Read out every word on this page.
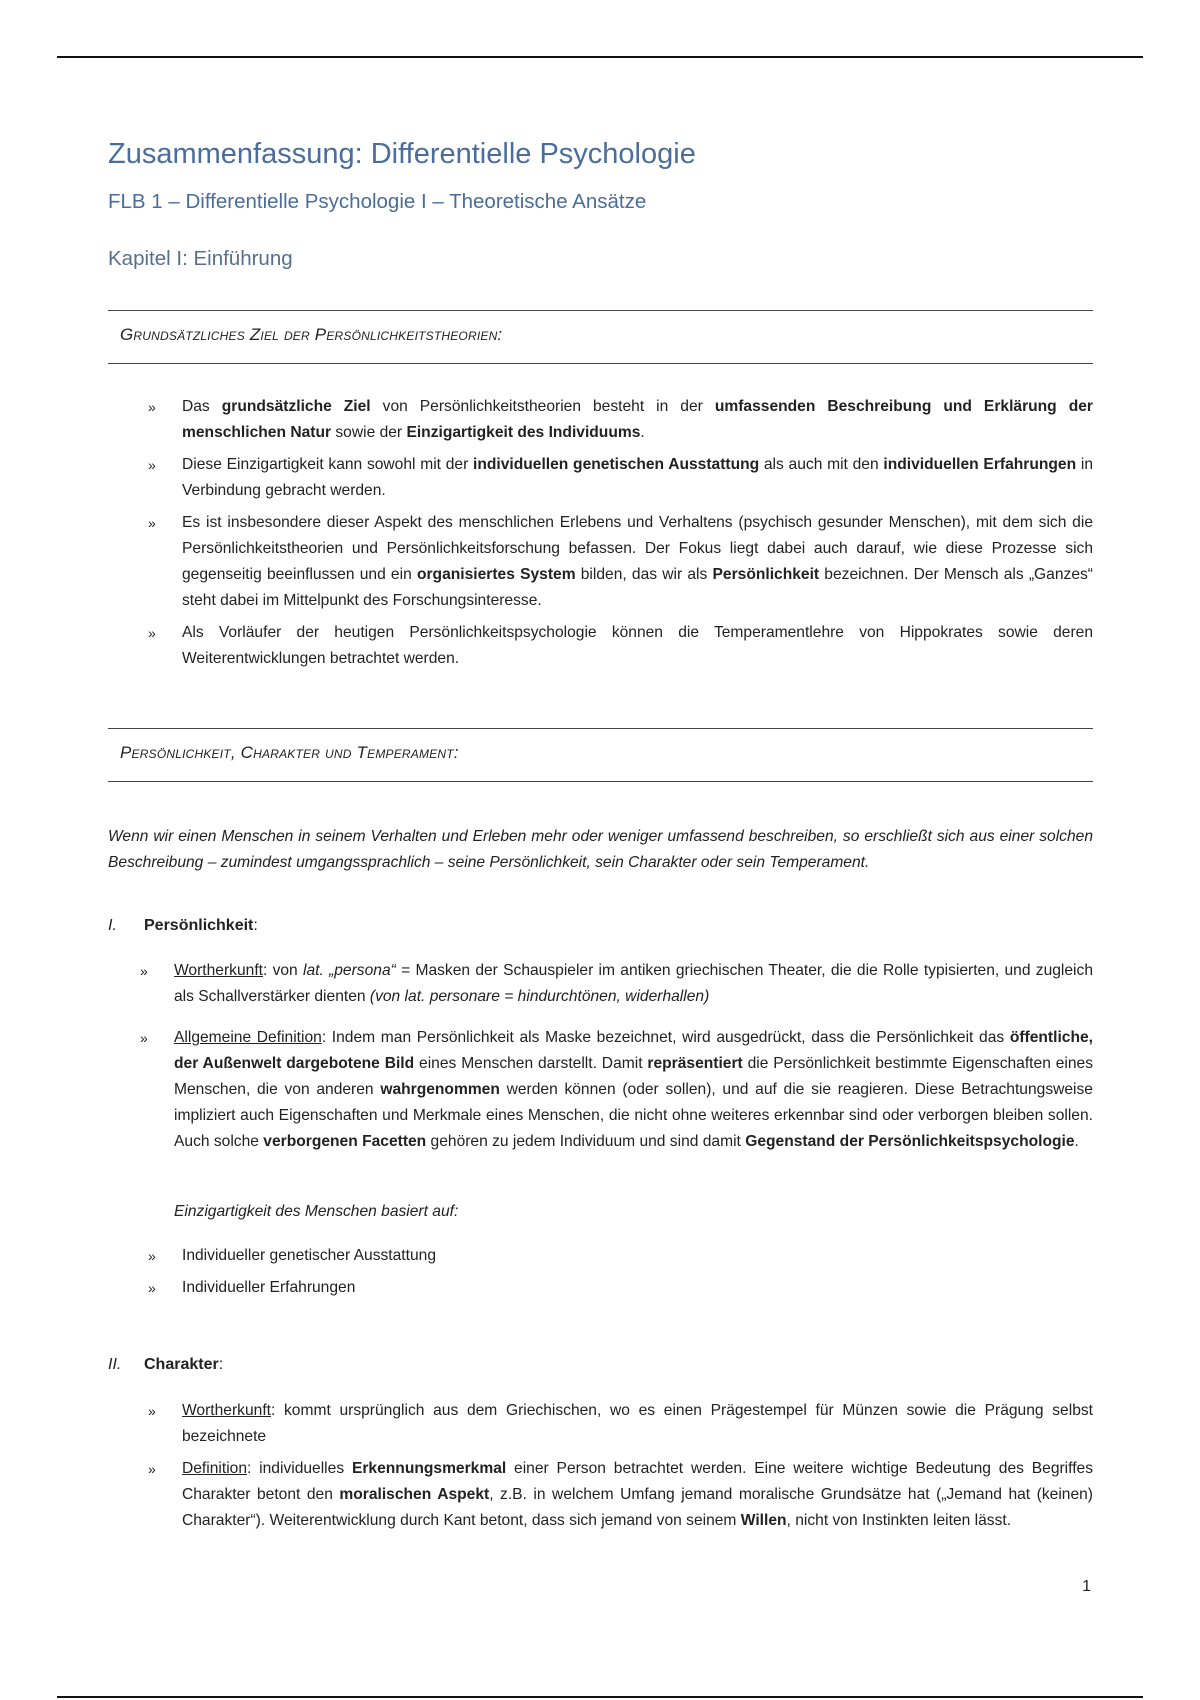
Zusammenfassung: Differentielle Psychologie
FLB 1 – Differentielle Psychologie I – Theoretische Ansätze
Kapitel I: Einführung
Grundsätzliches Ziel der Persönlichkeitstheorien:
» Das grundsätzliche Ziel von Persönlichkeitstheorien besteht in der umfassenden Beschreibung und Erklärung der menschlichen Natur sowie der Einzigartigkeit des Individuums.
» Diese Einzigartigkeit kann sowohl mit der individuellen genetischen Ausstattung als auch mit den individuellen Erfahrungen in Verbindung gebracht werden.
» Es ist insbesondere dieser Aspekt des menschlichen Erlebens und Verhaltens (psychisch gesunder Menschen), mit dem sich die Persönlichkeitstheorien und Persönlichkeitsforschung befassen. Der Fokus liegt dabei auch darauf, wie diese Prozesse sich gegenseitig beeinflussen und ein organisiertes System bilden, das wir als Persönlichkeit bezeichnen. Der Mensch als „Ganzes“ steht dabei im Mittelpunkt des Forschungsinteresse.
» Als Vorläufer der heutigen Persönlichkeitspsychologie können die Temperamentlehre von Hippokrates sowie deren Weiterentwicklungen betrachtet werden.
Persönlichkeit, Charakter und Temperament:
Wenn wir einen Menschen in seinem Verhalten und Erleben mehr oder weniger umfassend beschreiben, so erschließt sich aus einer solchen Beschreibung – zumindest umgangssprachlich – seine Persönlichkeit, sein Charakter oder sein Temperament.
I. Persönlichkeit:
» Wortherkunft: von lat. „persona“ = Masken der Schauspieler im antiken griechischen Theater, die die Rolle typisierten, und zugleich als Schallverstärker dienten (von lat. personare = hindurchtönen, widerhallen)
» Allgemeine Definition: Indem man Persönlichkeit als Maske bezeichnet, wird ausgedrückt, dass die Persönlichkeit das öffentliche, der Außenwelt dargebotene Bild eines Menschen darstellt. Damit repräsentiert die Persönlichkeit bestimmte Eigenschaften eines Menschen, die von anderen wahrgenommen werden können (oder sollen), und auf die sie reagieren. Diese Betrachtungsweise impliziert auch Eigenschaften und Merkmale eines Menschen, die nicht ohne weiteres erkennbar sind oder verborgen bleiben sollen. Auch solche verborgenen Facetten gehören zu jedem Individuum und sind damit Gegenstand der Persönlichkeitspsychologie.
Einzigartigkeit des Menschen basiert auf:
» Individueller genetischer Ausstattung
» Individueller Erfahrungen
II. Charakter:
» Wortherkunft: kommt ursprünglich aus dem Griechischen, wo es einen Prägestempel für Münzen sowie die Prägung selbst bezeichnete
» Definition: individuelles Erkennungsmerkmal einer Person betrachtet werden. Eine weitere wichtige Bedeutung des Begriffes Charakter betont den moralischen Aspekt, z.B. in welchem Umfang jemand moralische Grundsätze hat („Jemand hat (keinen) Charakter“). Weiterentwicklung durch Kant betont, dass sich jemand von seinem Willen, nicht von Instinkten leiten lässt.
1
